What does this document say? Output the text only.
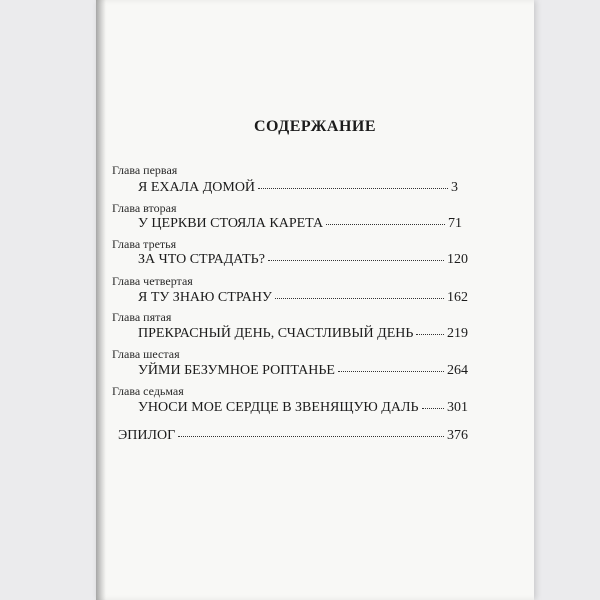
СОДЕРЖАНИЕ
Глава первая
Я ЕХАЛА ДОМОЙ	3
Глава вторая
У ЦЕРКВИ СТОЯЛА КАРЕТА	71
Глава третья
ЗА ЧТО СТРАДАТЬ?	120
Глава четвертая
Я ТУ ЗНАЮ СТРАНУ	162
Глава пятая
ПРЕКРАСНЫЙ ДЕНЬ, СЧАСТЛИВЫЙ ДЕНЬ 219
Глава шестая
УЙМИ БЕЗУМНОЕ РОПТАНЬЕ	264
Глава седьмая
УНОСИ МОЕ СЕРДЦЕ В ЗВЕНЯЩУЮ ДАЛЬ 301
ЭПИЛОГ	376
